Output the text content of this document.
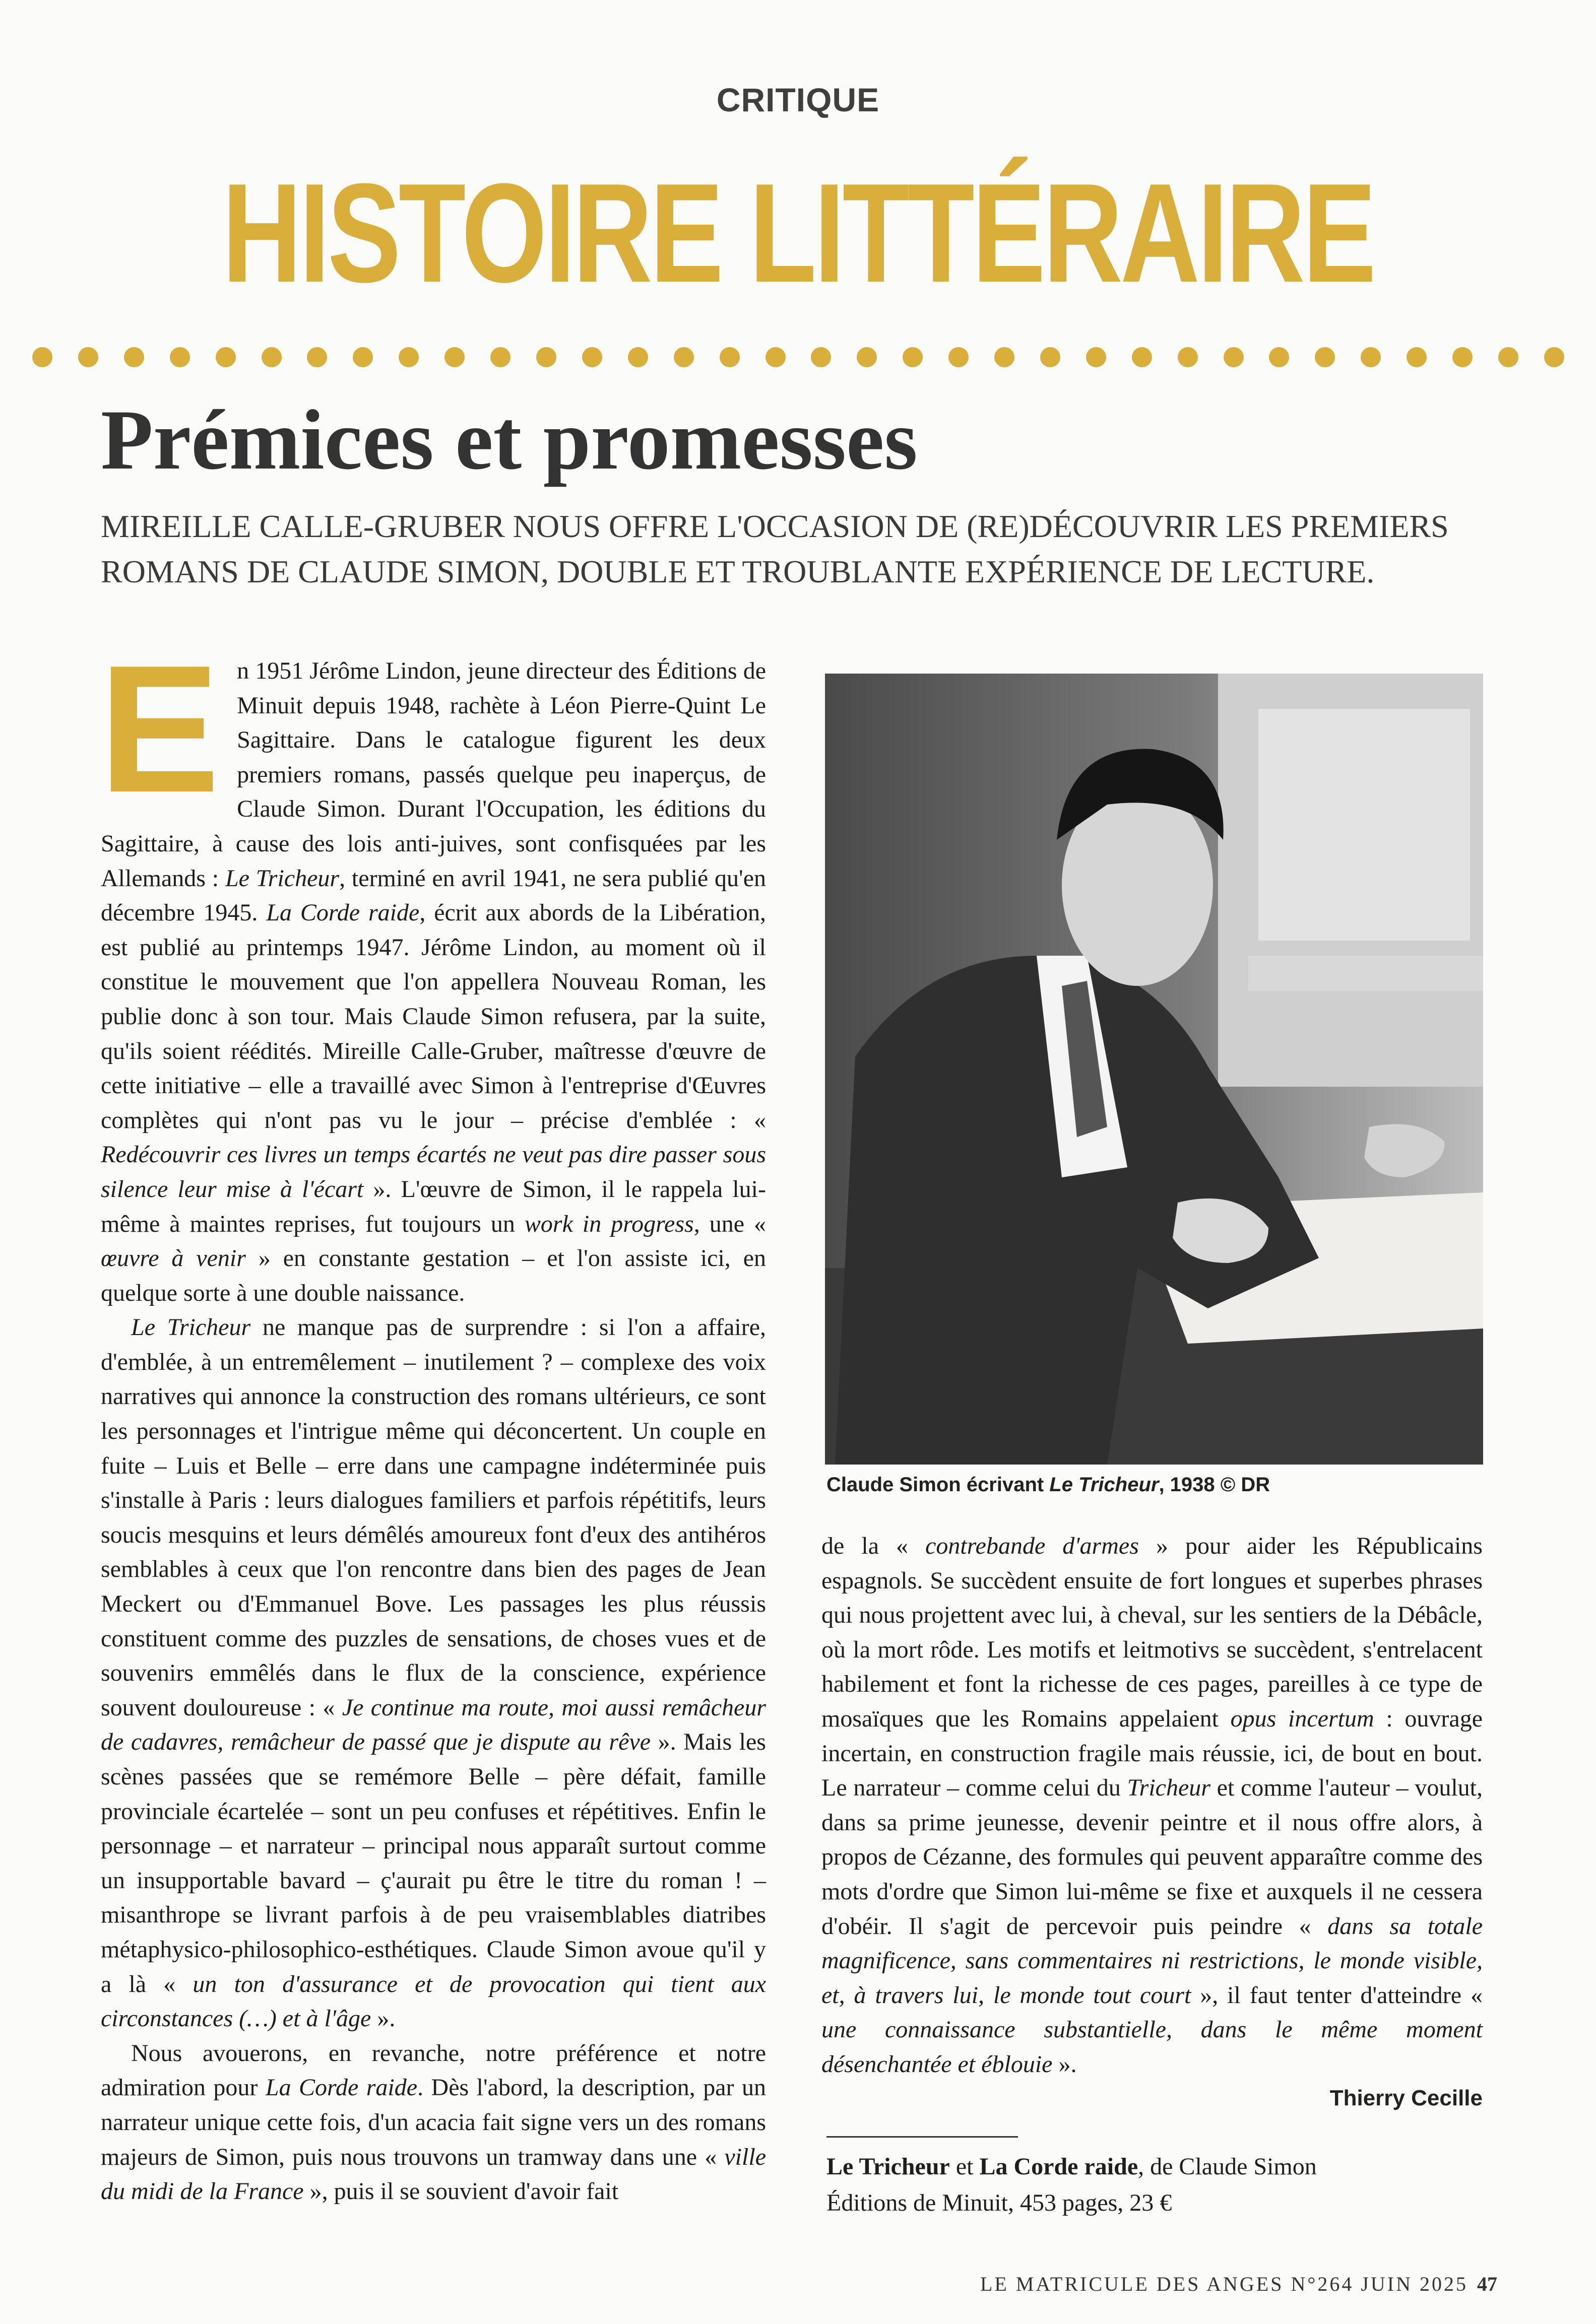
CRITIQUE
HISTOIRE LITTÉRAIRE
Prémices et promesses

MIREILLE CALLE-GRUBER NOUS OFFRE L'OCCASION DE (RE)DÉCOUVRIR LES PREMIERS ROMANS DE CLAUDE SIMON, DOUBLE ET TROUBLANTE EXPÉRIENCE DE LECTURE.

En 1951 Jérôme Lindon, jeune directeur des Éditions de Minuit depuis 1948, rachète à Léon Pierre-Quint Le Sagittaire. Dans le catalogue figurent les deux premiers romans, passés quelque peu inaperçus, de Claude Simon. Durant l'Occupation, les éditions du Sagittaire, à cause des lois anti-juives, sont confisquées par les Allemands : Le Tricheur, terminé en avril 1941, ne sera publié qu'en décembre 1945. La Corde raide, écrit aux abords de la Libération, est publié au printemps 1947. Jérôme Lindon, au moment où il constitue le mouvement que l'on appellera Nouveau Roman, les publie donc à son tour. Mais Claude Simon refusera, par la suite, qu'ils soient réédités. Mireille Calle-Gruber, maîtresse d'œuvre de cette initiative – elle a travaillé avec Simon à l'entreprise d'Œuvres complètes qui n'ont pas vu le jour – précise d'emblée : « Redécouvrir ces livres un temps écartés ne veut pas dire passer sous silence leur mise à l'écart ». L'œuvre de Simon, il le rappela lui-même à maintes reprises, fut toujours un work in progress, une « œuvre à venir » en constante gestation – et l'on assiste ici, en quelque sorte à une double naissance.

Le Tricheur ne manque pas de surprendre : si l'on a affaire, d'emblée, à un entremêlement – inutilement ? – complexe des voix narratives qui annonce la construction des romans ultérieurs, ce sont les personnages et l'intrigue même qui déconcertent. Un couple en fuite – Luis et Belle – erre dans une campagne indéterminée puis s'installe à Paris : leurs dialogues familiers et parfois répétitifs, leurs soucis mesquins et leurs démêlés amoureux font d'eux des antihéros semblables à ceux que l'on rencontre dans bien des pages de Jean Meckert ou d'Emmanuel Bove. Les passages les plus réussis constituent comme des puzzles de sensations, de choses vues et de souvenirs emmêlés dans le flux de la conscience, expérience souvent douloureuse : « Je continue ma route, moi aussi remâcheur de cadavres, remâcheur de passé que je dispute au rêve ». Mais les scènes passées que se remémore Belle – père défait, famille provinciale écartelée – sont un peu confuses et répétitives. Enfin le personnage – et narrateur – principal nous apparaît surtout comme un insupportable bavard – ç'aurait pu être le titre du roman ! – misanthrope se livrant parfois à de peu vraisemblables diatribes métaphysico-philosophico-esthétiques. Claude Simon avoue qu'il y a là « un ton d'assurance et de provocation qui tient aux circonstances (…) et à l'âge ».

Nous avouerons, en revanche, notre préférence et notre admiration pour La Corde raide. Dès l'abord, la description, par un narrateur unique cette fois, d'un acacia fait signe vers un des romans majeurs de Simon, puis nous trouvons un tramway dans une « ville du midi de la France », puis il se souvient d'avoir fait

Claude Simon écrivant Le Tricheur, 1938 © DR

de la « contrebande d'armes » pour aider les Républicains espagnols. Se succèdent ensuite de fort longues et superbes phrases qui nous projettent avec lui, à cheval, sur les sentiers de la Débâcle, où la mort rôde. Les motifs et leitmotivs se succèdent, s'entrelacent habilement et font la richesse de ces pages, pareilles à ce type de mosaïques que les Romains appelaient opus incertum : ouvrage incertain, en construction fragile mais réussie, ici, de bout en bout. Le narrateur – comme celui du Tricheur et comme l'auteur – voulut, dans sa prime jeunesse, devenir peintre et il nous offre alors, à propos de Cézanne, des formules qui peuvent apparaître comme des mots d'ordre que Simon lui-même se fixe et auxquels il ne cessera d'obéir. Il s'agit de percevoir puis peindre « dans sa totale magnificence, sans commentaires ni restrictions, le monde visible, et, à travers lui, le monde tout court », il faut tenter d'atteindre « une connaissance substantielle, dans le même moment désenchantée et éblouie ».

Thierry Cecille
Le Tricheur et La Corde raide, de Claude Simon
Éditions de Minuit, 453 pages, 23 €
LE MATRICULE DES ANGES N°264 JUIN 2025 47
